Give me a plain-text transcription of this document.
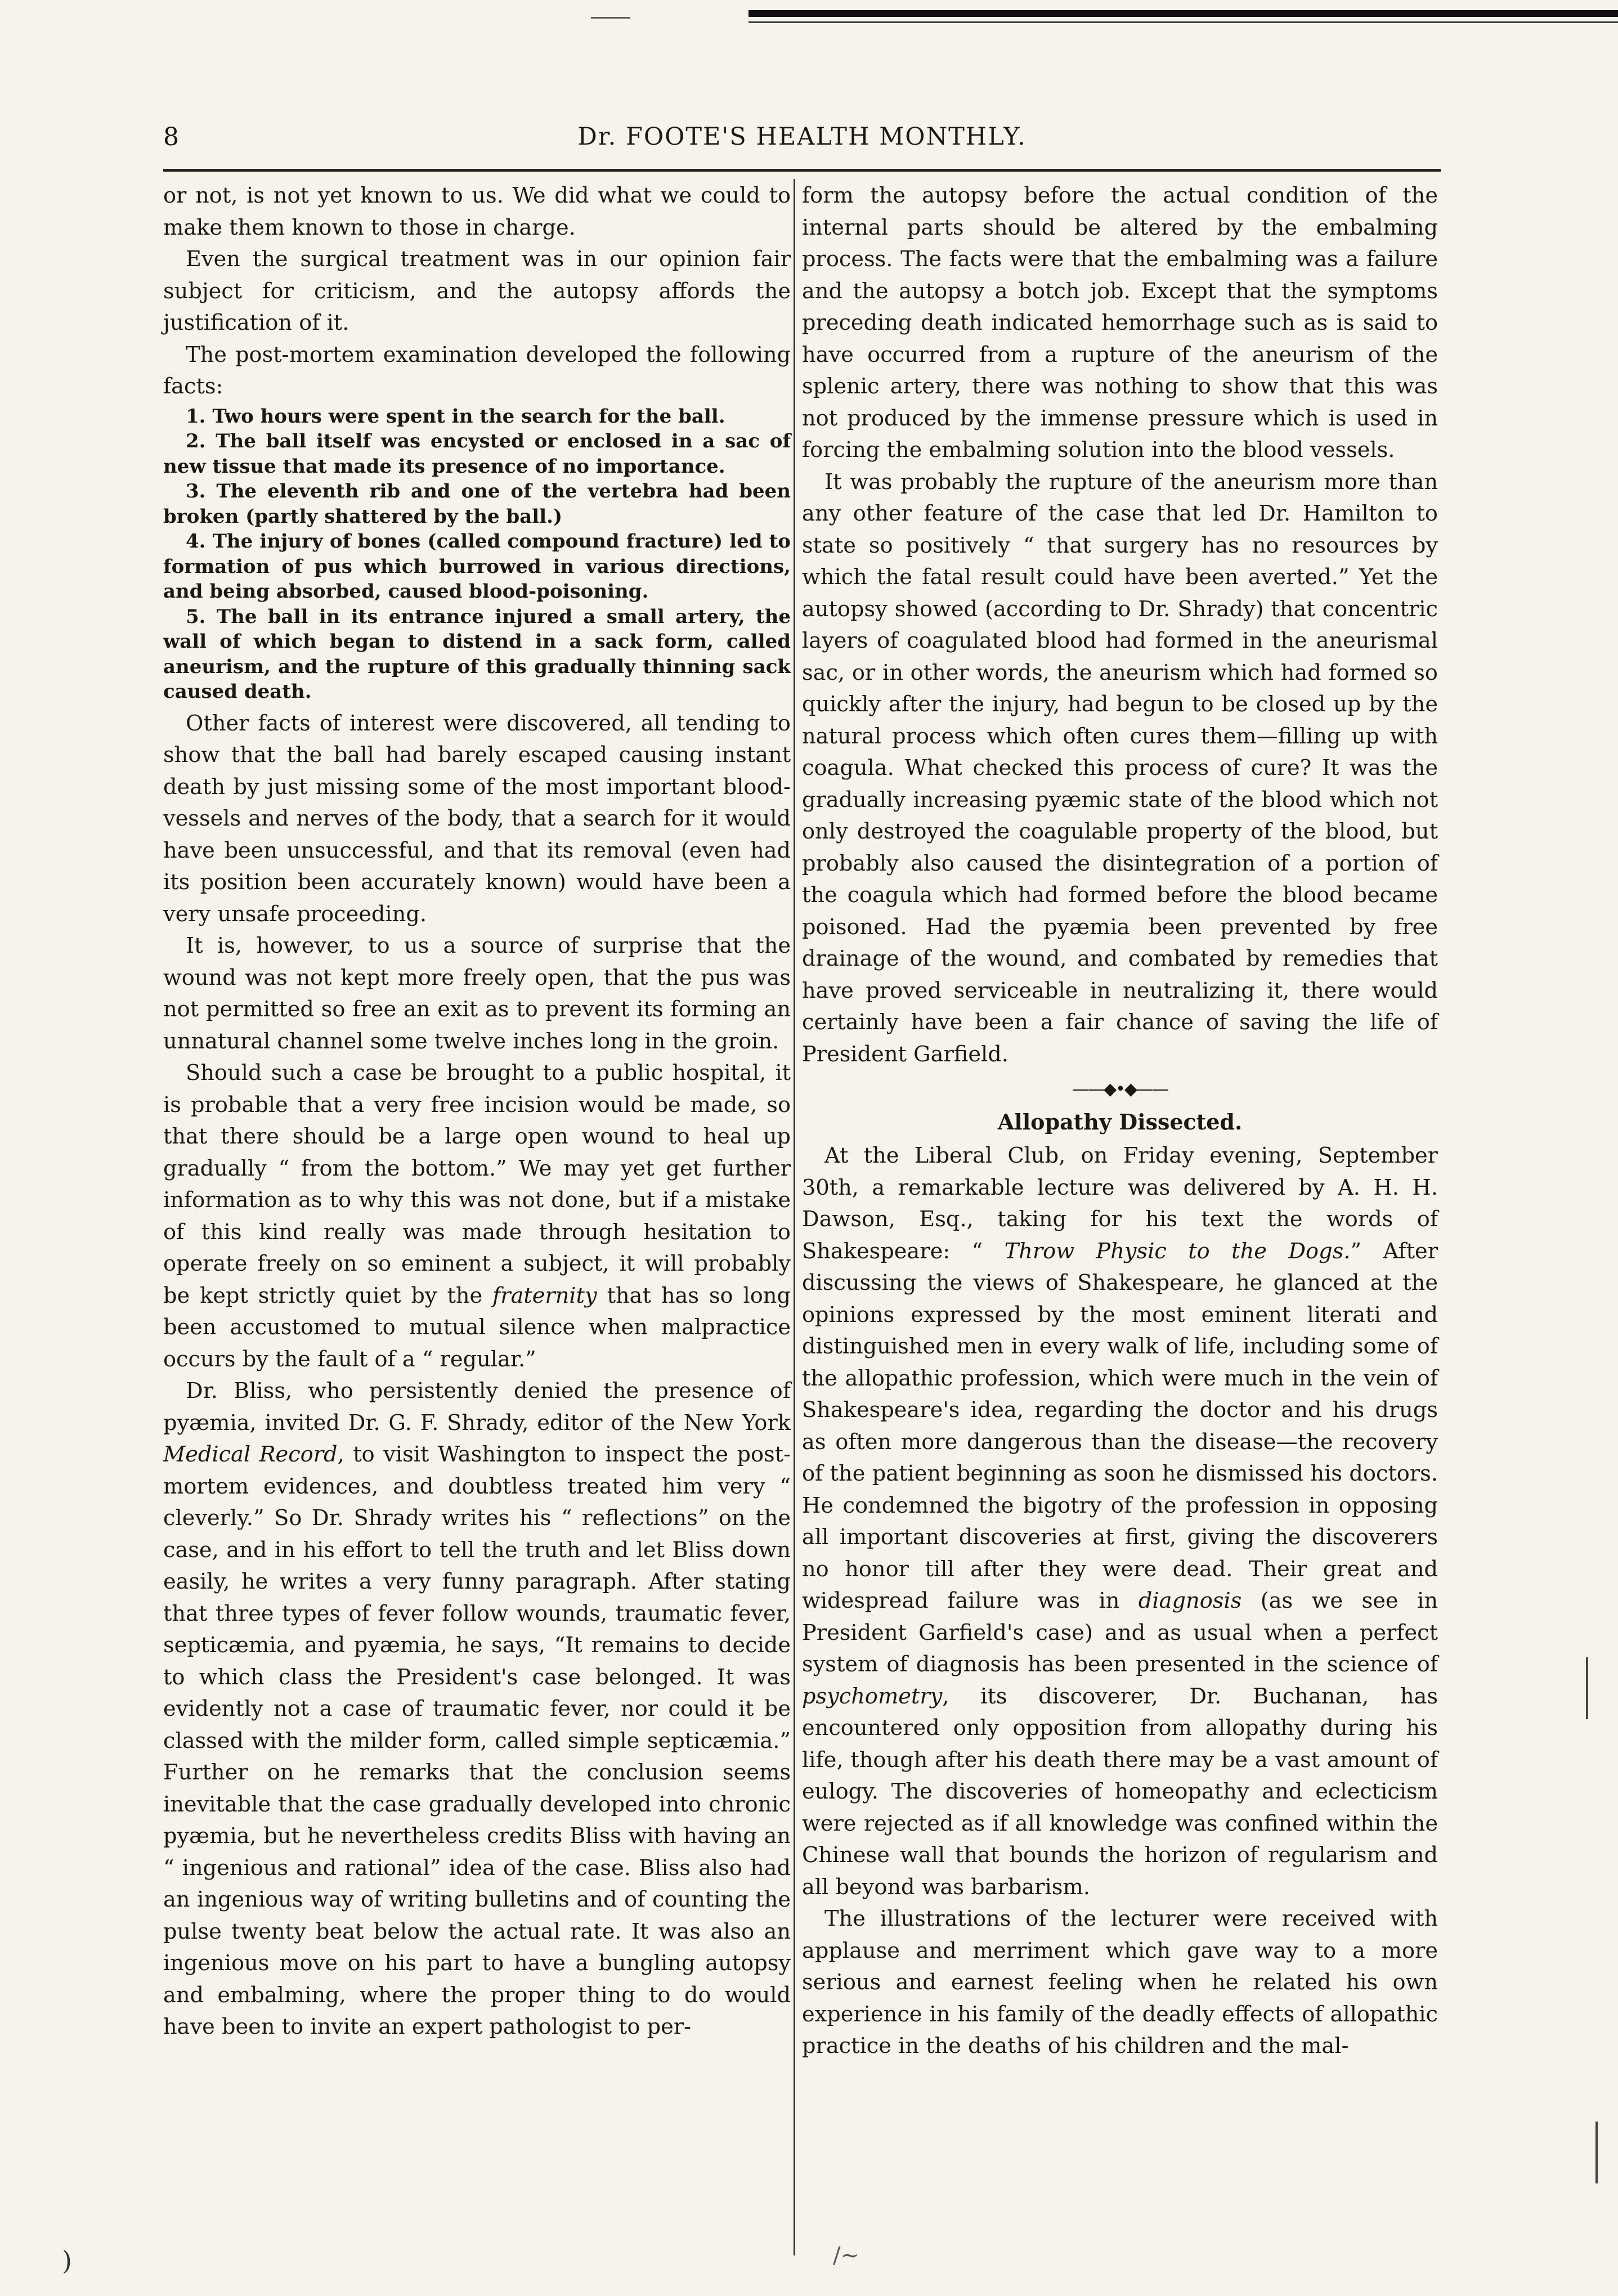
8	Dr. FOOTE'S HEALTH MONTHLY.

or not, is not yet known to us. We did what we could to make them known to those in charge.

Even the surgical treatment was in our opinion fair subject for criticism, and the autopsy affords the justification of it.

The post-mortem examination developed the following facts:

1. Two hours were spent in the search for the ball.
2. The ball itself was encysted or enclosed in a sac of new tissue that made its presence of no importance.
3. The eleventh rib and one of the vertebra had been broken (partly shattered by the ball.)
4. The injury of bones (called compound fracture) led to formation of pus which burrowed in various directions, and being absorbed, caused blood-poisoning.
5. The ball in its entrance injured a small artery, the wall of which began to distend in a sack form, called aneurism, and the rupture of this gradually thinning sack caused death.

Other facts of interest were discovered, all tending to show that the ball had barely escaped causing instant death by just missing some of the most important blood-vessels and nerves of the body, that a search for it would have been unsuccessful, and that its removal (even had its position been accurately known) would have been a very unsafe proceeding.

It is, however, to us a source of surprise that the wound was not kept more freely open, that the pus was not permitted so free an exit as to prevent its forming an unnatural channel some twelve inches long in the groin.

Should such a case be brought to a public hospital, it is probable that a very free incision would be made, so that there should be a large open wound to heal up gradually “ from the bottom.” We may yet get further information as to why this was not done, but if a mistake of this kind really was made through hesitation to operate freely on so eminent a subject, it will probably be kept strictly quiet by the fraternity that has so long been accustomed to mutual silence when malpractice occurs by the fault of a “ regular.”

Dr. Bliss, who persistently denied the presence of pyæmia, invited Dr. G. F. Shrady, editor of the New York Medical Record, to visit Washington to inspect the post-mortem evidences, and doubtless treated him very “ cleverly.” So Dr. Shrady writes his “ reflections” on the case, and in his effort to tell the truth and let Bliss down easily, he writes a very funny paragraph. After stating that three types of fever follow wounds, traumatic fever, septicæmia, and pyæmia, he says, “It remains to decide to which class the President's case belonged. It was evidently not a case of traumatic fever, nor could it be classed with the milder form, called simple septicæmia.” Further on he remarks that the conclusion seems inevitable that the case gradually developed into chronic pyæmia, but he nevertheless credits Bliss with having an “ ingenious and rational” idea of the case. Bliss also had an ingenious way of writing bulletins and of counting the pulse twenty beat below the actual rate. It was also an ingenious move on his part to have a bungling autopsy and embalming, where the proper thing to do would have been to invite an expert pathologist to per-

form the autopsy before the actual condition of the internal parts should be altered by the embalming process. The facts were that the embalming was a failure and the autopsy a botch job. Except that the symptoms preceding death indicated hemorrhage such as is said to have occurred from a rupture of the aneurism of the splenic artery, there was nothing to show that this was not produced by the immense pressure which is used in forcing the embalming solution into the blood vessels.

It was probably the rupture of the aneurism more than any other feature of the case that led Dr. Hamilton to state so positively “ that surgery has no resources by which the fatal result could have been averted.” Yet the autopsy showed (according to Dr. Shrady) that concentric layers of coagulated blood had formed in the aneurismal sac, or in other words, the aneurism which had formed so quickly after the injury, had begun to be closed up by the natural process which often cures them—filling up with coagula. What checked this process of cure? It was the gradually increasing pyæmic state of the blood which not only destroyed the coagulable property of the blood, but probably also caused the disintegration of a portion of the coagula which had formed before the blood became poisoned. Had the pyæmia been prevented by free drainage of the wound, and combated by remedies that have proved serviceable in neutralizing it, there would certainly have been a fair chance of saving the life of President Garfield.

——◆•◆——
Allopathy Dissected.

At the Liberal Club, on Friday evening, September 30th, a remarkable lecture was delivered by A. H. H. Dawson, Esq., taking for his text the words of Shakespeare: “ Throw Physic to the Dogs.” After discussing the views of Shakespeare, he glanced at the opinions expressed by the most eminent literati and distinguished men in every walk of life, including some of the allopathic profession, which were much in the vein of Shakespeare's idea, regarding the doctor and his drugs as often more dangerous than the disease—the recovery of the patient beginning as soon he dismissed his doctors. He condemned the bigotry of the profession in opposing all important discoveries at first, giving the discoverers no honor till after they were dead. Their great and widespread failure was in diagnosis (as we see in President Garfield's case) and as usual when a perfect system of diagnosis has been presented in the science of psychometry, its discoverer, Dr. Buchanan, has encountered only opposition from allopathy during his life, though after his death there may be a vast amount of eulogy. The discoveries of homeopathy and eclecticism were rejected as if all knowledge was confined within the Chinese wall that bounds the horizon of regularism and all beyond was barbarism.

The illustrations of the lecturer were received with applause and merriment which gave way to a more serious and earnest feeling when he related his own experience in his family of the deadly effects of allopathic practice in the deaths of his children and the mal-

∕∼
)
